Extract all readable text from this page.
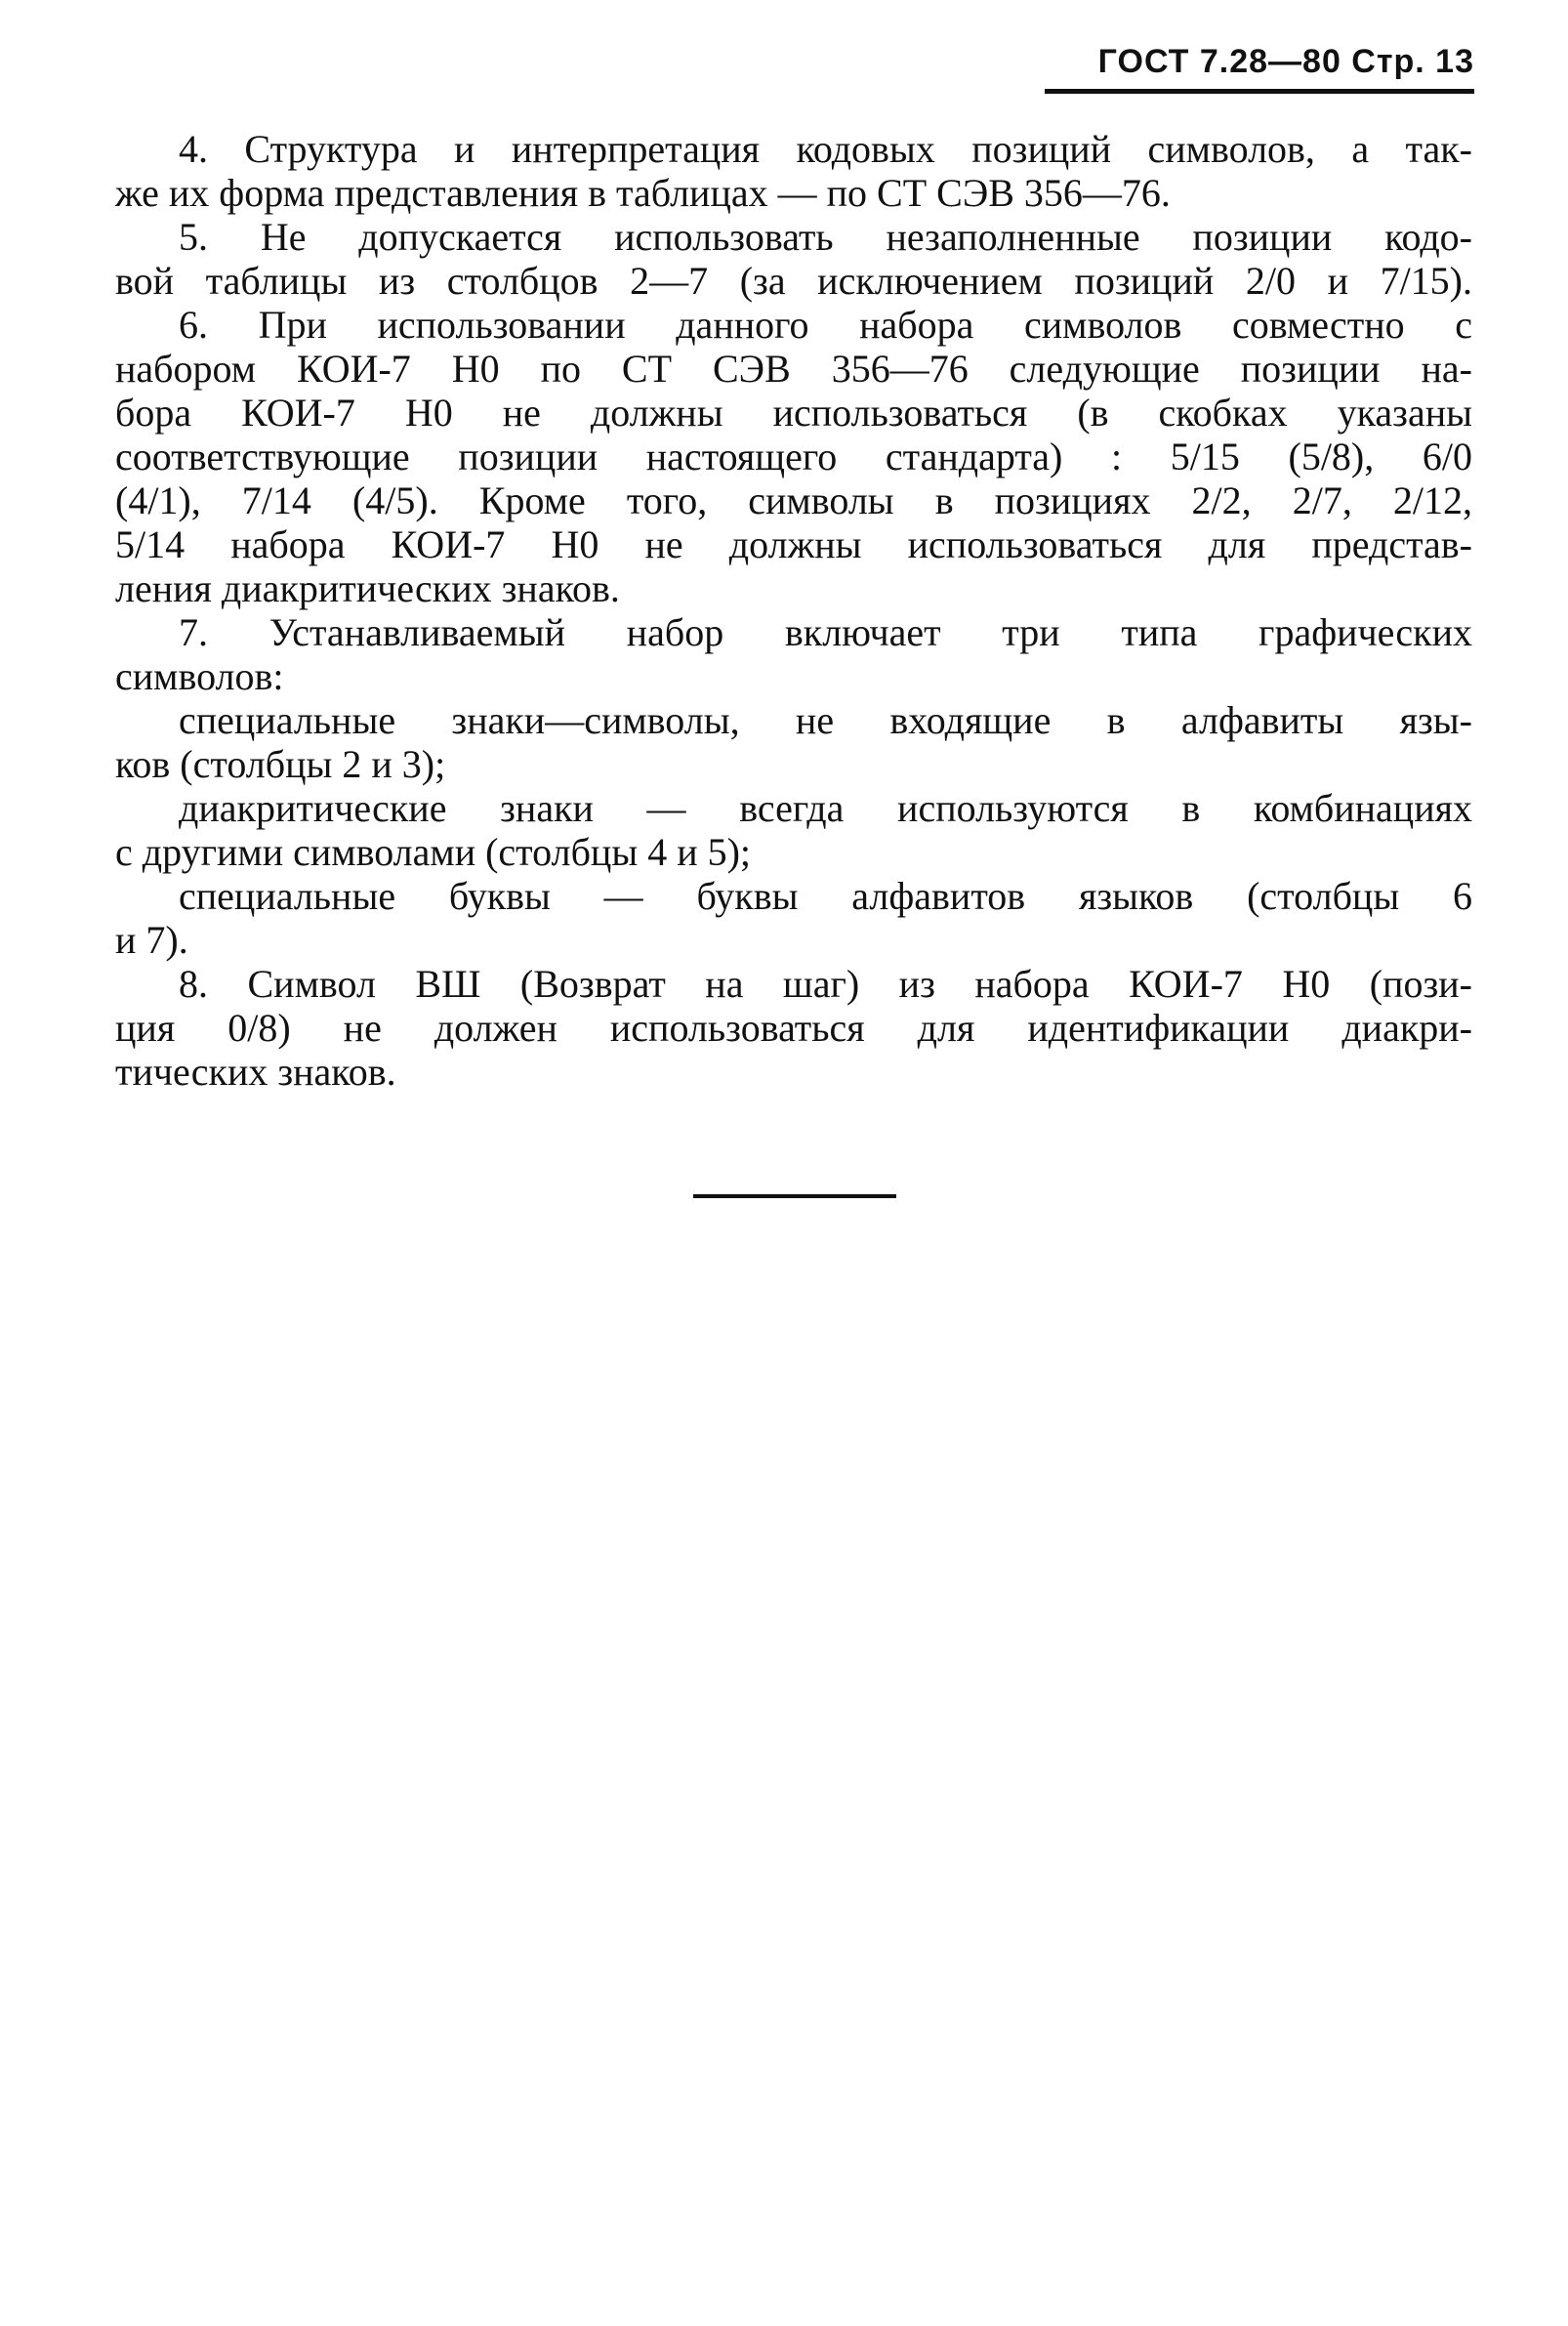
ГОСТ 7.28—80 Стр. 13
4. Структура и интерпретация кодовых позиций символов, а так-
же их форма представления в таблицах — по СТ СЭВ 356—76.
5. Не допускается использовать незаполненные позиции кодо-
вой таблицы из столбцов 2—7 (за исключением позиций 2/0 и 7/15).
6. При использовании данного набора символов совместно с
набором КОИ-7 Н0 по СТ СЭВ 356—76 следующие позиции на-
бора КОИ-7 Н0 не должны использоваться (в скобках указаны
соответствующие позиции настоящего стандарта) : 5/15 (5/8), 6/0
(4/1), 7/14 (4/5). Кроме того, символы в позициях 2/2, 2/7, 2/12,
5/14 набора КОИ-7 Н0 не должны использоваться для представ-
ления диакритических знаков.
7. Устанавливаемый набор включает три типа графических
символов:
специальные знаки—символы, не входящие в алфавиты язы-
ков (столбцы 2 и 3);
диакритические знаки — всегда используются в комбинациях
с другими символами (столбцы 4 и 5);
специальные буквы — буквы алфавитов языков (столбцы 6
и 7).
8. Символ ВШ (Возврат на шаг) из набора КОИ-7 Н0 (пози-
ция 0/8) не должен использоваться для идентификации диакри-
тических знаков.
